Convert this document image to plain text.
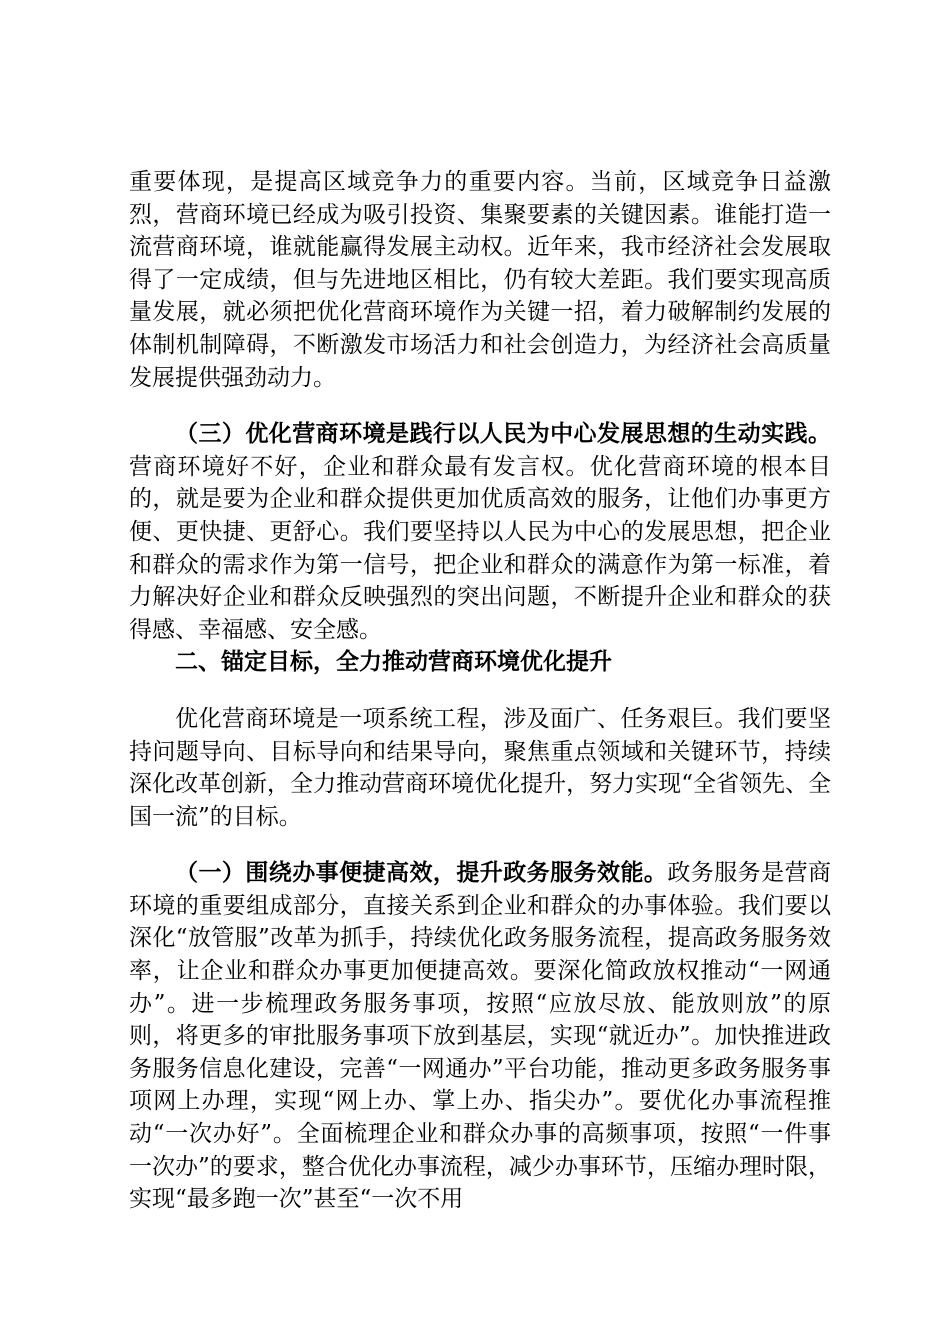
重要体现，是提高区域竞争力的重要内容。当前，区域竞争日益激烈，营商环境已经成为吸引投资、集聚要素的关键因素。谁能打造一流营商环境，谁就能赢得发展主动权。近年来，我市经济社会发展取得了一定成绩，但与先进地区相比，仍有较大差距。我们要实现高质量发展，就必须把优化营商环境作为关键一招，着力破解制约发展的体制机制障碍，不断激发市场活力和社会创造力，为经济社会高质量发展提供强劲动力。

（三）优化营商环境是践行以人民为中心发展思想的生动实践。营商环境好不好，企业和群众最有发言权。优化营商环境的根本目的，就是要为企业和群众提供更加优质高效的服务，让他们办事更方便、更快捷、更舒心。我们要坚持以人民为中心的发展思想，把企业和群众的需求作为第一信号，把企业和群众的满意作为第一标准，着力解决好企业和群众反映强烈的突出问题，不断提升企业和群众的获得感、幸福感、安全感。

二、锚定目标，全力推动营商环境优化提升

优化营商环境是一项系统工程，涉及面广、任务艰巨。我们要坚持问题导向、目标导向和结果导向，聚焦重点领域和关键环节，持续深化改革创新，全力推动营商环境优化提升，努力实现“全省领先、全国一流”的目标。

（一）围绕办事便捷高效，提升政务服务效能。政务服务是营商环境的重要组成部分，直接关系到企业和群众的办事体验。我们要以深化“放管服”改革为抓手，持续优化政务服务流程，提高政务服务效率，让企业和群众办事更加便捷高效。要深化简政放权推动“一网通办”。进一步梳理政务服务事项，按照“应放尽放、能放则放”的原则，将更多的审批服务事项下放到基层，实现“就近办”。加快推进政务服务信息化建设，完善“一网通办”平台功能，推动更多政务服务事项网上办理，实现“网上办、掌上办、指尖办”。要优化办事流程推动“一次办好”。全面梳理企业和群众办事的高频事项，按照“一件事一次办”的要求，整合优化办事流程，减少办事环节，压缩办理时限，实现“最多跑一次”甚至“一次不用
